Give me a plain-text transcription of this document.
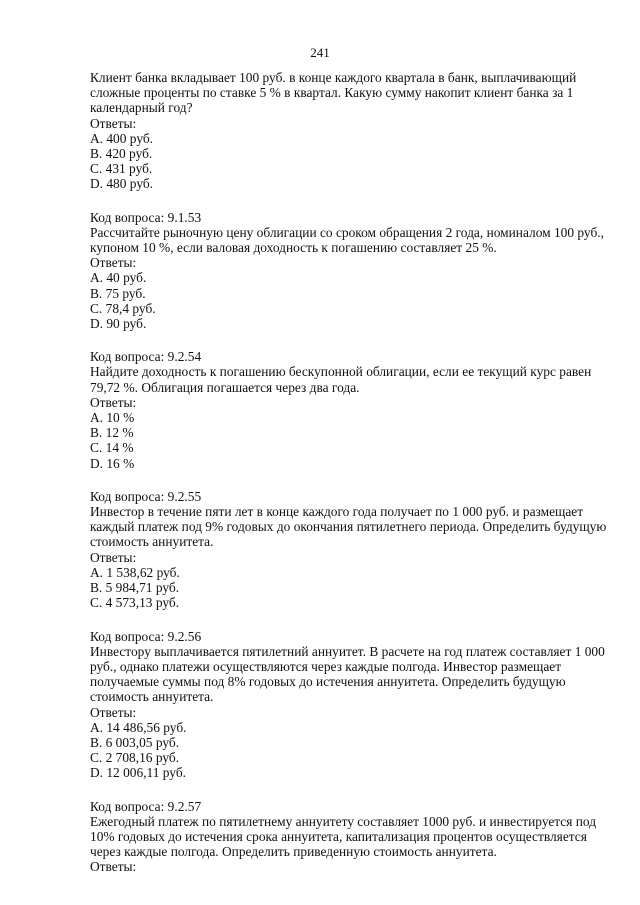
241
Клиент банка вкладывает 100 руб. в конце каждого квартала в банк, выплачивающий
сложные проценты по ставке 5 % в квартал. Какую сумму накопит клиент банка за 1
календарный год?
Ответы:
A. 400 руб.
B. 420 руб.
C. 431 руб.
D. 480 руб.
Код вопроса: 9.1.53
Рассчитайте рыночную цену облигации со сроком обращения 2 года, номиналом 100 руб.,
купоном 10 %, если валовая доходность к погашению составляет 25 %.
Ответы:
A. 40 руб.
B. 75 руб.
C. 78,4 руб.
D. 90 руб.
Код вопроса: 9.2.54
Найдите доходность к погашению бескупонной облигации, если ее текущий курс равен
79,72 %. Облигация погашается через два года.
Ответы:
A. 10 %
B. 12 %
C. 14 %
D. 16 %
Код вопроса: 9.2.55
Инвестор в течение пяти лет в конце каждого года получает по 1 000 руб. и размещает
каждый платеж под 9% годовых до окончания пятилетнего периода. Определить будущую
стоимость аннуитета.
Ответы:
A. 1 538,62 руб.
B. 5 984,71 руб.
C. 4 573,13 руб.
Код вопроса: 9.2.56
Инвестору выплачивается пятилетний аннуитет. В расчете на год платеж составляет 1 000
руб., однако платежи осуществляются через каждые полгода. Инвестор размещает
получаемые суммы под 8% годовых до истечения аннуитета. Определить будущую
стоимость аннуитета.
Ответы:
A. 14 486,56 руб.
B. 6 003,05 руб.
C. 2 708,16 руб.
D. 12 006,11 руб.
Код вопроса: 9.2.57
Ежегодный платеж по пятилетнему аннуитету составляет 1000 руб. и инвестируется под
10% годовых до истечения срока аннуитета, капитализация процентов осуществляется
через каждые полгода. Определить приведенную стоимость аннуитета.
Ответы:
